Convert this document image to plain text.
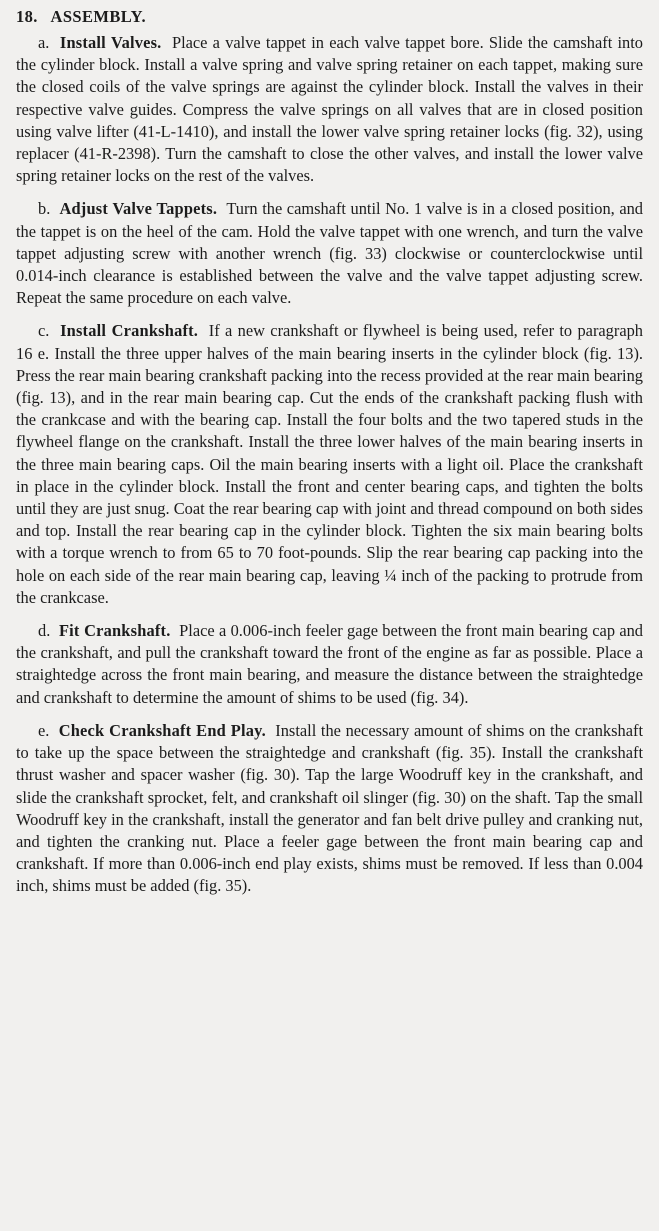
18. ASSEMBLY.

a. Install Valves. Place a valve tappet in each valve tappet bore. Slide the camshaft into the cylinder block. Install a valve spring and valve spring retainer on each tappet, making sure the closed coils of the valve springs are against the cylinder block. Install the valves in their respective valve guides. Compress the valve springs on all valves that are in closed position using valve lifter (41-L-1410), and install the lower valve spring retainer locks (fig. 32), using replacer (41-R-2398). Turn the camshaft to close the other valves, and install the lower valve spring retainer locks on the rest of the valves.

b. Adjust Valve Tappets. Turn the camshaft until No. 1 valve is in a closed position, and the tappet is on the heel of the cam. Hold the valve tappet with one wrench, and turn the valve tappet adjusting screw with another wrench (fig. 33) clockwise or counterclockwise until 0.014-inch clearance is established between the valve and the valve tappet adjusting screw. Repeat the same procedure on each valve.

c. Install Crankshaft. If a new crankshaft or flywheel is being used, refer to paragraph 16 e. Install the three upper halves of the main bearing inserts in the cylinder block (fig. 13). Press the rear main bearing crankshaft packing into the recess provided at the rear main bearing (fig. 13), and in the rear main bearing cap. Cut the ends of the crankshaft packing flush with the crankcase and with the bearing cap. Install the four bolts and the two tapered studs in the flywheel flange on the crankshaft. Install the three lower halves of the main bearing inserts in the three main bearing caps. Oil the main bearing inserts with a light oil. Place the crankshaft in place in the cylinder block. Install the front and center bearing caps, and tighten the bolts until they are just snug. Coat the rear bearing cap with joint and thread compound on both sides and top. Install the rear bearing cap in the cylinder block. Tighten the six main bearing bolts with a torque wrench to from 65 to 70 foot-pounds. Slip the rear bearing cap packing into the hole on each side of the rear main bearing cap, leaving ¼ inch of the packing to protrude from the crankcase.

d. Fit Crankshaft. Place a 0.006-inch feeler gage between the front main bearing cap and the crankshaft, and pull the crankshaft toward the front of the engine as far as possible. Place a straightedge across the front main bearing, and measure the distance between the straightedge and crankshaft to determine the amount of shims to be used (fig. 34).

e. Check Crankshaft End Play. Install the necessary amount of shims on the crankshaft to take up the space between the straightedge and crankshaft (fig. 35). Install the crankshaft thrust washer and spacer washer (fig. 30). Tap the large Woodruff key in the crankshaft, and slide the crankshaft sprocket, felt, and crankshaft oil slinger (fig. 30) on the shaft. Tap the small Woodruff key in the crankshaft, install the generator and fan belt drive pulley and cranking nut, and tighten the cranking nut. Place a feeler gage between the front main bearing cap and crankshaft. If more than 0.006-inch end play exists, shims must be removed. If less than 0.004 inch, shims must be added (fig. 35).
